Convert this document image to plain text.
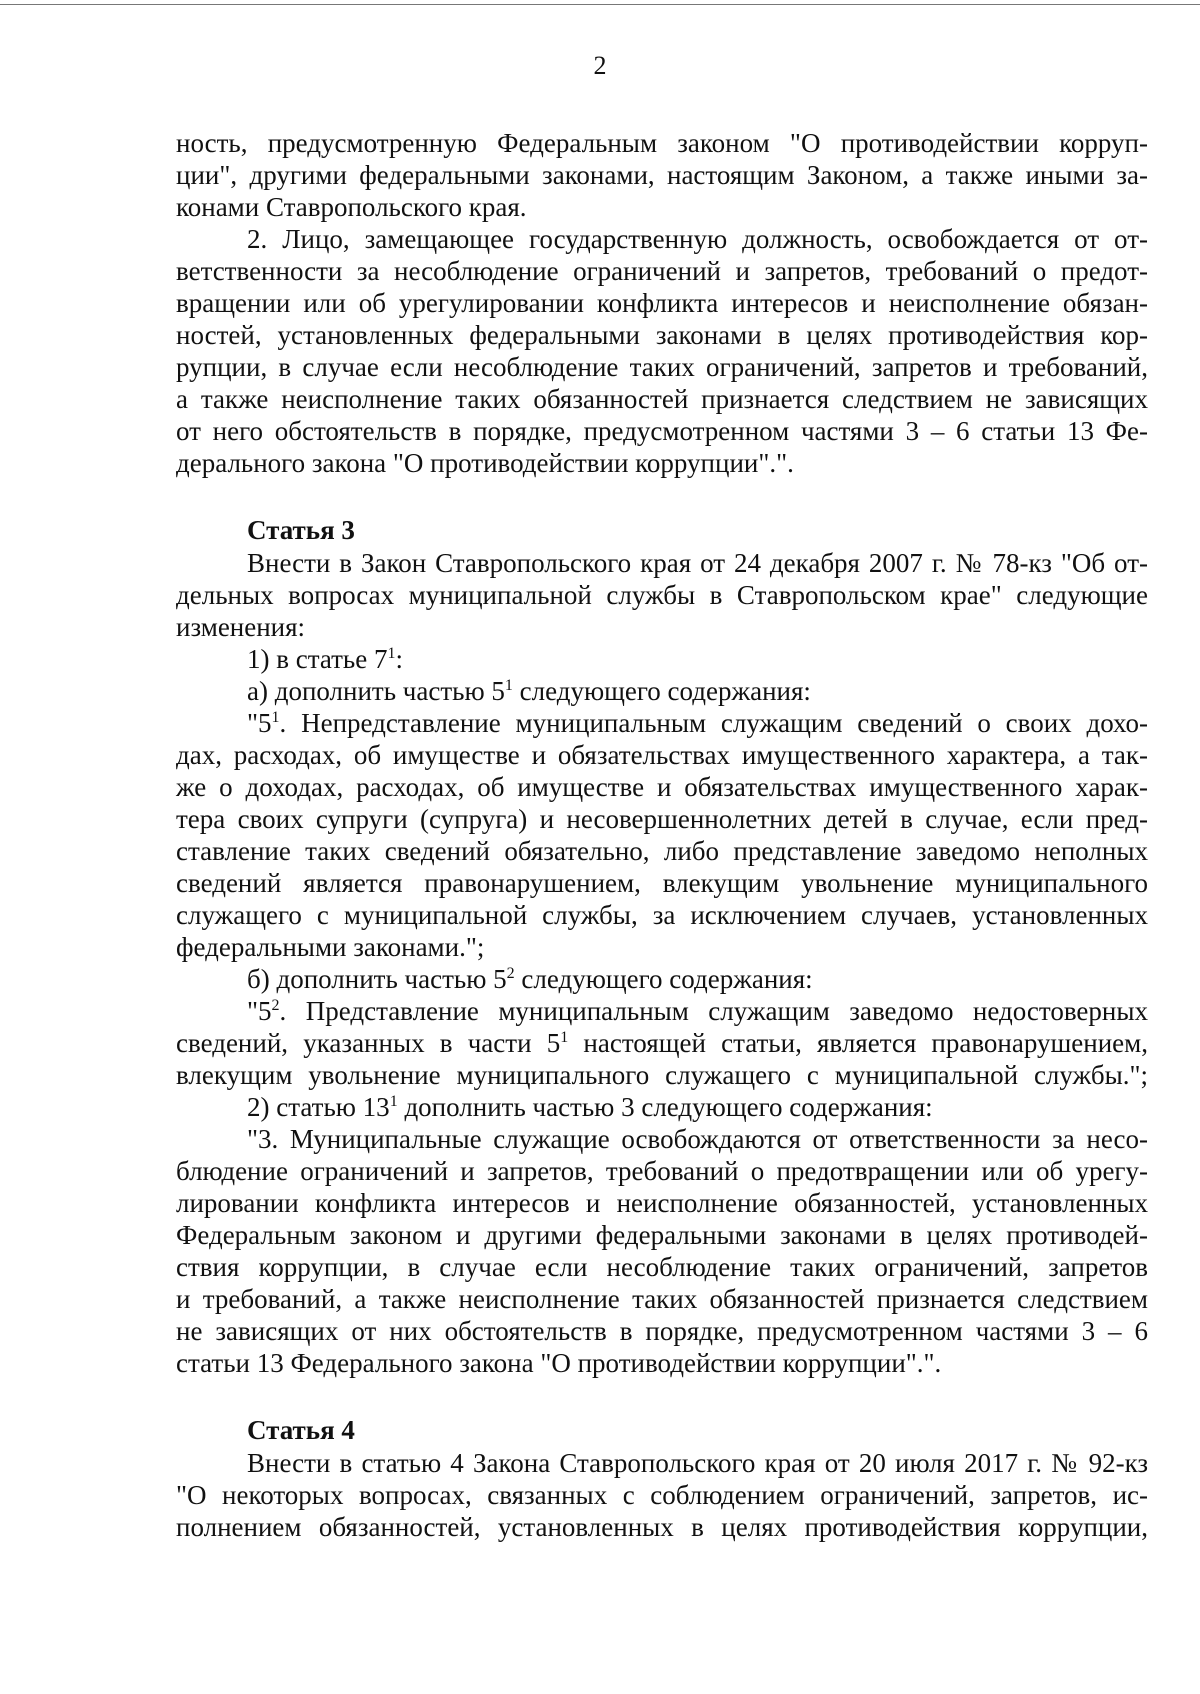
2
ность, предусмотренную Федеральным законом "О противодействии корруп-
ции", другими федеральными законами, настоящим Законом, а также иными за-
конами Ставропольского края.
2. Лицо, замещающее государственную должность, освобождается от от-
ветственности за несоблюдение ограничений и запретов, требований о предот-
вращении или об урегулировании конфликта интересов и неисполнение обязан-
ностей, установленных федеральными законами в целях противодействия кор-
рупции, в случае если несоблюдение таких ограничений, запретов и требований,
а также неисполнение таких обязанностей признается следствием не зависящих
от него обстоятельств в порядке, предусмотренном частями 3 – 6 статьи 13 Фе-
дерального закона "О противодействии коррупции".".
Статья 3
Внести в Закон Ставропольского края от 24 декабря 2007 г. № 78-кз "Об от-
дельных вопросах муниципальной службы в Ставропольском крае" следующие
изменения:
1) в статье $7^1$:
а) дополнить частью $5^1$ следующего содержания:
"$5^1$. Непредставление муниципальным служащим сведений о своих дохо-
дах, расходах, об имуществе и обязательствах имущественного характера, а так-
же о доходах, расходах, об имуществе и обязательствах имущественного харак-
тера своих супруги (супруга) и несовершеннолетних детей в случае, если пред-
ставление таких сведений обязательно, либо представление заведомо неполных
сведений является правонарушением, влекущим увольнение муниципального
служащего с муниципальной службы, за исключением случаев, установленных
федеральными законами.";
б) дополнить частью $5^2$ следующего содержания:
"$5^2$. Представление муниципальным служащим заведомо недостоверных
сведений, указанных в части $5^1$ настоящей статьи, является правонарушением,
влекущим увольнение муниципального служащего с муниципальной службы.";
2) статью $13^1$ дополнить частью 3 следующего содержания:
"3. Муниципальные служащие освобождаются от ответственности за несо-
блюдение ограничений и запретов, требований о предотвращении или об урегу-
лировании конфликта интересов и неисполнение обязанностей, установленных
Федеральным законом и другими федеральными законами в целях противодей-
ствия коррупции, в случае если несоблюдение таких ограничений, запретов
и требований, а также неисполнение таких обязанностей признается следствием
не зависящих от них обстоятельств в порядке, предусмотренном частями 3 – 6
статьи 13 Федерального закона "О противодействии коррупции".".
Статья 4
Внести в статью 4 Закона Ставропольского края от 20 июля 2017 г. № 92-кз
"О некоторых вопросах, связанных с соблюдением ограничений, запретов, ис-
полнением обязанностей, установленных в целях противодействия коррупции,
